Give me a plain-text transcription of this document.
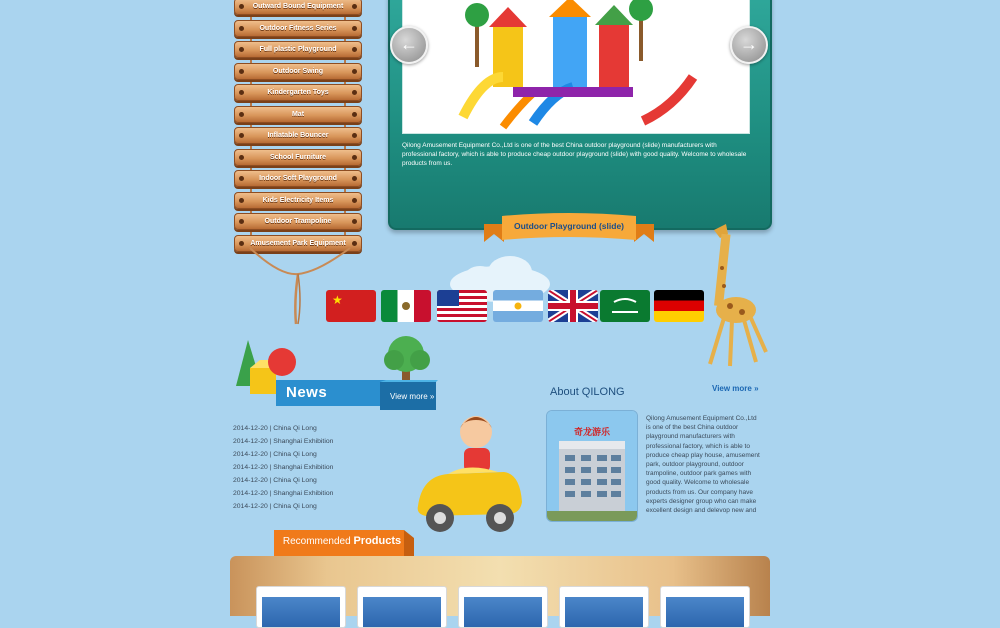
Outward Bound Equipment
Outdoor Fitness Series
Full plastic Playground
Outdoor Swing
Kindergarten Toys
Mat
Inflatable Bouncer
School Furniture
Indoor Soft Playground
Kids Electricity Items
Outdoor Trampoline
Amusement Park Equipment
Qilong Amusement Equipment Co.,Ltd is one of the best China outdoor playground (slide) manufacturers with professional factory, which is able to produce cheap outdoor playground (slide) with good quality. Welcome to wholesale products from us.
←	→
Outdoor Playground (slide)
★
News	View more »
2014-12-20 | China Qi Long
2014-12-20 | Shanghai Exhibition
2014-12-20 | China Qi Long
2014-12-20 | Shanghai Exhibition
2014-12-20 | China Qi Long
2014-12-20 | Shanghai Exhibition
2014-12-20 | China Qi Long
About QILONG	View more »
奇龙游乐
Qilong Amusement Equipment Co.,Ltd is one of the best China outdoor playground manufacturers with professional factory, which is able to produce cheap play house, amusement park, outdoor playground, outdoor trampoline, outdoor park games with good quality. Welcome to wholesale products from us. Our company have experts designer group who can make excellent design and delevop new and
Recommended Products
